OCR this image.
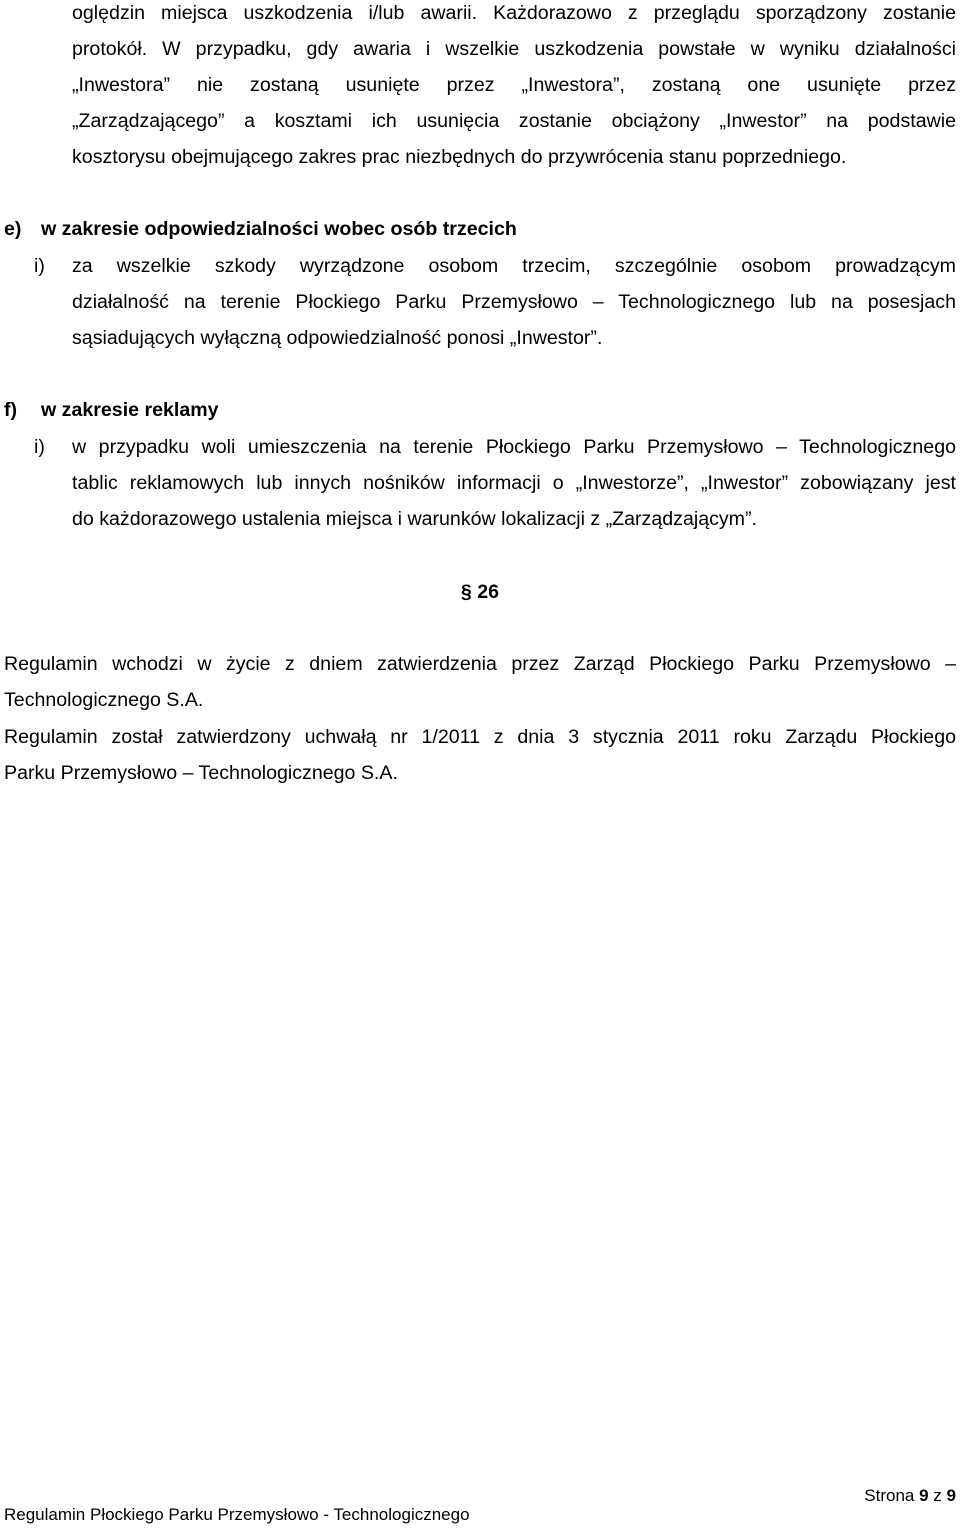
oględzin miejsca uszkodzenia i/lub awarii. Każdorazowo z przeglądu sporządzony zostanie
protokół. W przypadku, gdy awaria i wszelkie uszkodzenia powstałe w wyniku działalności
„Inwestora” nie zostaną usunięte przez „Inwestora”, zostaną one usunięte przez
„Zarządzającego” a kosztami ich usunięcia zostanie obciążony „Inwestor” na podstawie
kosztorysu obejmującego zakres prac niezbędnych do przywrócenia stanu poprzedniego.
e) w zakresie odpowiedzialności wobec osób trzecich
i) za wszelkie szkody wyrządzone osobom trzecim, szczególnie osobom prowadzącym
działalność na terenie Płockiego Parku Przemysłowo – Technologicznego lub na posesjach
sąsiadujących wyłączną odpowiedzialność ponosi „Inwestor”.
f) w zakresie reklamy
i) w przypadku woli umieszczenia na terenie Płockiego Parku Przemysłowo – Technologicznego
tablic reklamowych lub innych nośników informacji o „Inwestorze”, „Inwestor” zobowiązany jest
do każdorazowego ustalenia miejsca i warunków lokalizacji z „Zarządzającym”.
§ 26
Regulamin wchodzi w życie z dniem zatwierdzenia przez Zarząd Płockiego Parku Przemysłowo –
Technologicznego S.A.
Regulamin został zatwierdzony uchwałą nr 1/2011 z dnia 3 stycznia 2011 roku Zarządu Płockiego
Parku Przemysłowo – Technologicznego S.A.
Regulamin Płockiego Parku Przemysłowo - Technologicznego
Strona 9 z 9
